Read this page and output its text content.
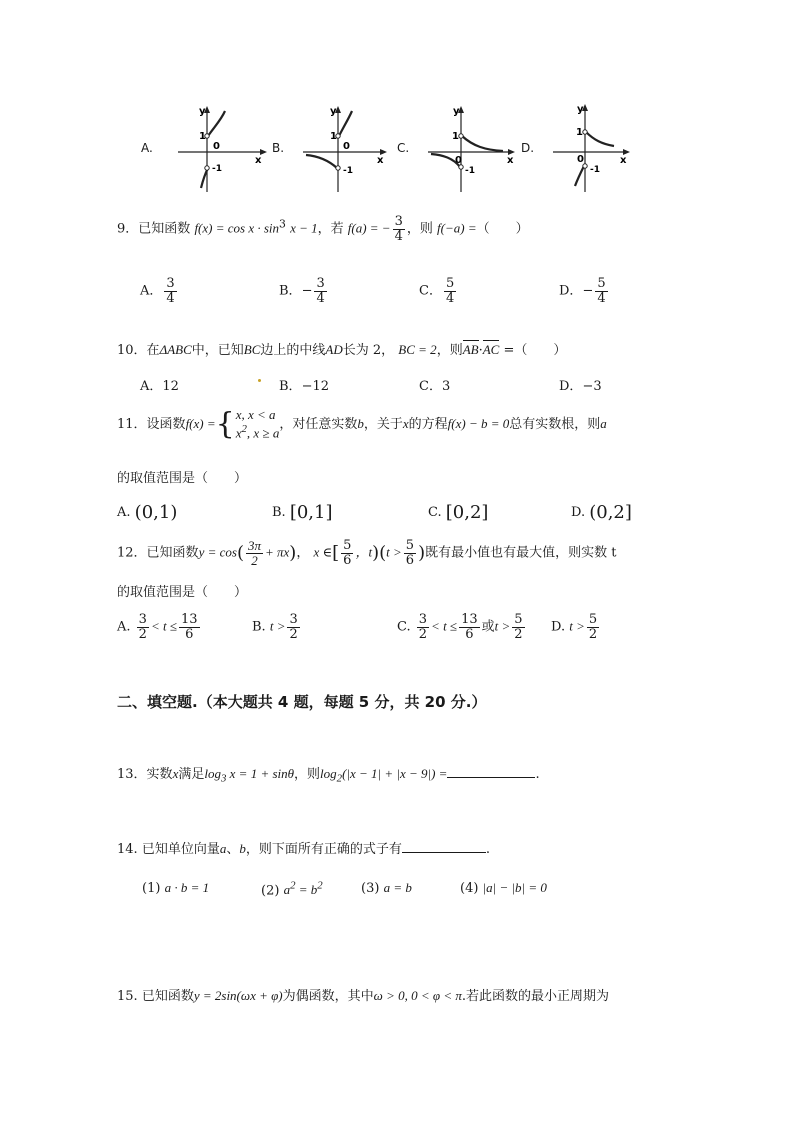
A.
y
x
1
0
-1
B.
y
x
1
0
-1
C.
y
x
1
0
-1
D.
y
x
1
0
-1
9．已知函数 $f(x) = \cos x \cdot \sin^3 x - 1$，若 f(a) = − $\frac{3}{4}$ ，则 f(−a) =（　　）
A． $\frac{3}{4}$	B．− $\frac{3}{4}$	C． $\frac{5}{4}$	D．− $\frac{5}{4}$
10．在ΔABC中，已知BC边上的中线AD长为 2， BC = 2，则AB·AC =（　　）
A．12	B．−12	C．3	D．−3
11．设函数f(x) ={ x, x < a
$x^2$, x ≥ a
，对任意实数b，关于x的方程f(x) − b = 0总有实数根，则a
的取值范围是（　　）
A. (0,1)	B. [0,1]	C. [0,2]	D. (0,2]
12．已知函数$y = \cos( \frac{3\pi}{2} + \pi x)$， x ∈[ $\frac{5}{6}$ ，$t)(t > \frac{5}{6}$ )既有最小值也有最大值，则实数 t
的取值范围是（　　）
A. $\frac{3}{2} < t \le \frac{13}{6}$	B. $t > \frac{3}{2}$	C. $\frac{3}{2} < t \le \frac{13}{6}$ 或$t > \frac{5}{2} D$. $t > \frac{5}{2}$
二、填空题.（本大题共 4 题，每题 5 分，共 20 分.）
13．实数x满足$\log_3 x = 1 + \sin\theta$，则$\log_2(|x - 1| + |x - 9|)$ =	.
14. 已知单位向量a、b，则下面所有正确的式子有	.
(1) a · b = 1	(2) $a^2 = b^2$	(3) a = b	(4) |a| − |b| = 0
15. 已知函数y = 2sin(ωx + φ)为偶函数，其中ω > 0, 0 < φ < π.若此函数的最小正周期为
